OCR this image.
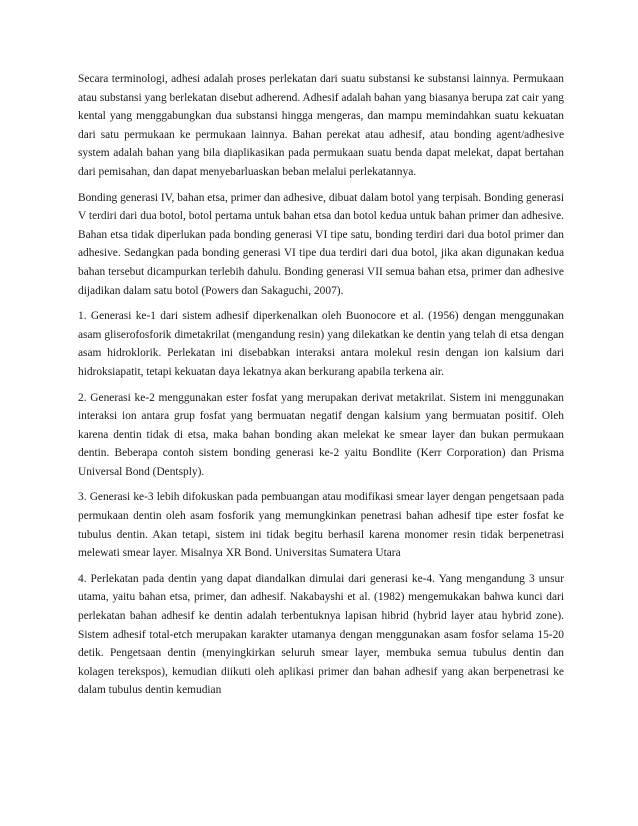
Secara terminologi, adhesi adalah proses perlekatan dari suatu substansi ke substansi lainnya. Permukaan atau substansi yang berlekatan disebut adherend. Adhesif adalah bahan yang biasanya berupa zat cair yang kental yang menggabungkan dua substansi hingga mengeras, dan mampu memindahkan suatu kekuatan dari satu permukaan ke permukaan lainnya. Bahan perekat atau adhesif, atau bonding agent/adhesive system adalah bahan yang bila diaplikasikan pada permukaan suatu benda dapat melekat, dapat bertahan dari pemisahan, dan dapat menyebarluaskan beban melalui perlekatannya.

Bonding generasi IV, bahan etsa, primer dan adhesive, dibuat dalam botol yang terpisah. Bonding generasi V terdiri dari dua botol, botol pertama untuk bahan etsa dan botol kedua untuk bahan primer dan adhesive. Bahan etsa tidak diperlukan pada bonding generasi VI tipe satu, bonding terdiri dari dua botol primer dan adhesive. Sedangkan pada bonding generasi VI tipe dua terdiri dari dua botol, jika akan digunakan kedua bahan tersebut dicampurkan terlebih dahulu. Bonding generasi VII semua bahan etsa, primer dan adhesive dijadikan dalam satu botol (Powers dan Sakaguchi, 2007).

1. Generasi ke-1 dari sistem adhesif diperkenalkan oleh Buonocore et al. (1956) dengan menggunakan asam gliserofosforik dimetakrilat (mengandung resin) yang dilekatkan ke dentin yang telah di etsa dengan asam hidroklorik. Perlekatan ini disebabkan interaksi antara molekul resin dengan ion kalsium dari hidroksiapatit, tetapi kekuatan daya lekatnya akan berkurang apabila terkena air.

2. Generasi ke-2 menggunakan ester fosfat yang merupakan derivat metakrilat. Sistem ini menggunakan interaksi ion antara grup fosfat yang bermuatan negatif dengan kalsium yang bermuatan positif. Oleh karena dentin tidak di etsa, maka bahan bonding akan melekat ke smear layer dan bukan permukaan dentin. Beberapa contoh sistem bonding generasi ke-2 yaitu Bondlite (Kerr Corporation) dan Prisma Universal Bond (Dentsply).

3. Generasi ke-3 lebih difokuskan pada pembuangan atau modifikasi smear layer dengan pengetsaan pada permukaan dentin oleh asam fosforik yang memungkinkan penetrasi bahan adhesif tipe ester fosfat ke tubulus dentin. Akan tetapi, sistem ini tidak begitu berhasil karena monomer resin tidak berpenetrasi melewati smear layer. Misalnya XR Bond. Universitas Sumatera Utara

4. Perlekatan pada dentin yang dapat diandalkan dimulai dari generasi ke-4. Yang mengandung 3 unsur utama, yaitu bahan etsa, primer, dan adhesif. Nakabayshi et al. (1982) mengemukakan bahwa kunci dari perlekatan bahan adhesif ke dentin adalah terbentuknya lapisan hibrid (hybrid layer atau hybrid zone). Sistem adhesif total-etch merupakan karakter utamanya dengan menggunakan asam fosfor selama 15-20 detik. Pengetsaan dentin (menyingkirkan seluruh smear layer, membuka semua tubulus dentin dan kolagen terekspos), kemudian diikuti oleh aplikasi primer dan bahan adhesif yang akan berpenetrasi ke dalam tubulus dentin kemudian
